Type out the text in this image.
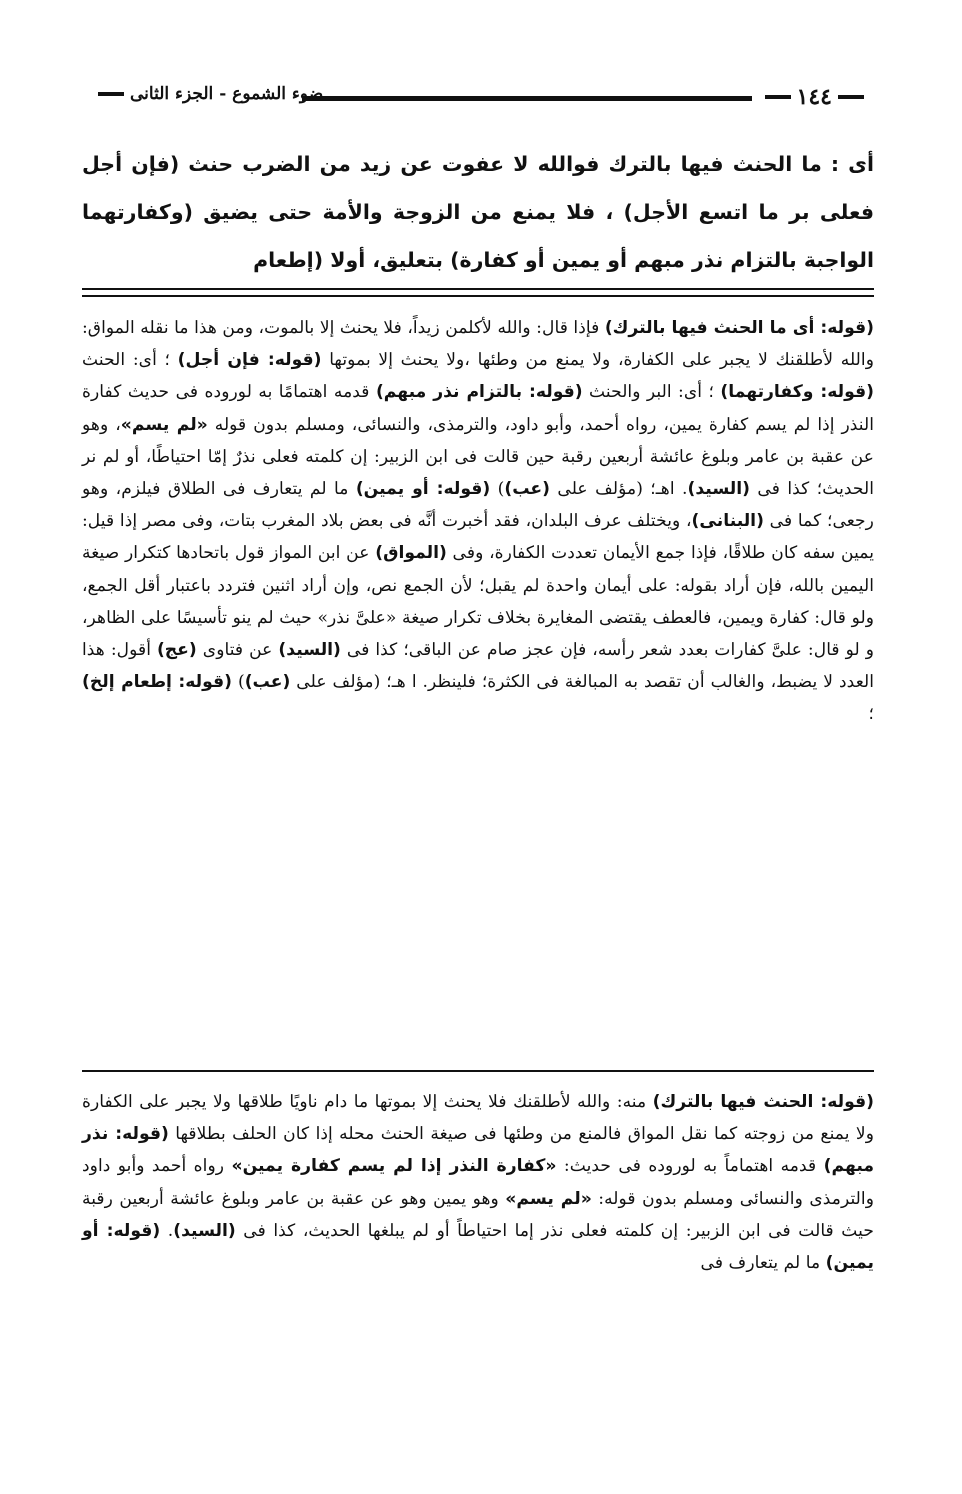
١٤٤
ضوء الشموع - الجزء الثانى
أى : ما الحنث فيها بالترك فوالله لا عفوت عن زيد من الضرب حنث (فإن أجل فعلى بر ما اتسع الأجل) ، فلا يمنع من الزوجة والأمة حتى يضيق (وكفارتهما الواجبة بالتزام نذر مبهم أو يمين أو كفارة) بتعليق، أولا (إطعام
(قوله: أى ما الحنث فيها بالترك) فإذا قال: والله لأكلمن زيداً، فلا يحنث إلا بالموت، ومن هذا ما نقله المواق: والله لأطلقنك لا يجبر على الكفارة، ولا يمنع من وطئها ،ولا يحنث إلا بموتها (قوله: فإن أجل) ؛ أى: الحنث (قوله: وكفارتهما) ؛ أى: البر والحنث (قوله: بالتزام نذر مبهم) قدمه اهتمامًا به لوروده فى حديث كفارة النذر إذا لم يسم كفارة يمين، رواه أحمد، وأبو داود، والترمذى، والنسائى، ومسلم بدون قوله «لم يسم»، وهو عن عقبة بن عامر وبلوغ عائشة أربعين رقبة حين قالت فى ابن الزبير: إن كلمته فعلى نذرٌ إمّا احتياطًا، أو لم نر الحديث؛ كذا فى (السيد). اهـ؛ (مؤلف على (عب)) (قوله: أو يمين) ما لم يتعارف فى الطلاق فيلزم، وهو رجعى؛ كما فى (البنانى)، ويختلف عرف البلدان، فقد أخبرت أنَّه فى بعض بلاد المغرب بتات، وفى مصر إذا قيل: يمين سفه كان طلاقًا، فإذا جمع الأيمان تعددت الكفارة، وفى (المواق) عن ابن المواز قول باتحادها كتكرار صيغة اليمين بالله، فإن أراد بقوله: على أيمان واحدة لم يقبل؛ لأن الجمع نص، وإن أراد اثنين فتردد باعتبار أقل الجمع، ولو قال: كفارة ويمين، فالعطف يقتضى المغايرة بخلاف تكرار صيغة «علىَّ نذر» حيث لم ينو تأسيسًا على الظاهر، و لو قال: علىَّ كفارات بعدد شعر رأسه، فإن عجز صام عن الباقى؛ كذا فى (السيد) عن فتاوى (عج) أقول: هذا العدد لا يضبط، والغالب أن تقصد به المبالغة فى الكثرة؛ فلينظر. ا هـ؛ (مؤلف على (عب)) (قوله: إطعام إلخ) ؛
(قوله: الحنث فيها بالترك) منه: والله لأطلقنك فلا يحنث إلا بموتها ما دام ناويًا طلاقها ولا يجبر على الكفارة ولا يمنع من زوجته كما نقل المواق فالمنع من وطئها فى صيغة الحنث محله إذا كان الحلف بطلاقها (قوله: نذر مبهم) قدمه اهتماماً به لوروده فى حديث: «كفارة النذر إذا لم يسم كفارة يمين» رواه أحمد وأبو داود والترمذى والنسائى ومسلم بدون قوله: «لم يسم» وهو يمين وهو عن عقبة بن عامر وبلوغ عائشة أربعين رقبة حيث قالت فى ابن الزبير: إن كلمته فعلى نذر إما احتياطاً أو لم يبلغها الحديث، كذا فى (السيد). (قوله: أو يمين) ما لم يتعارف فى
